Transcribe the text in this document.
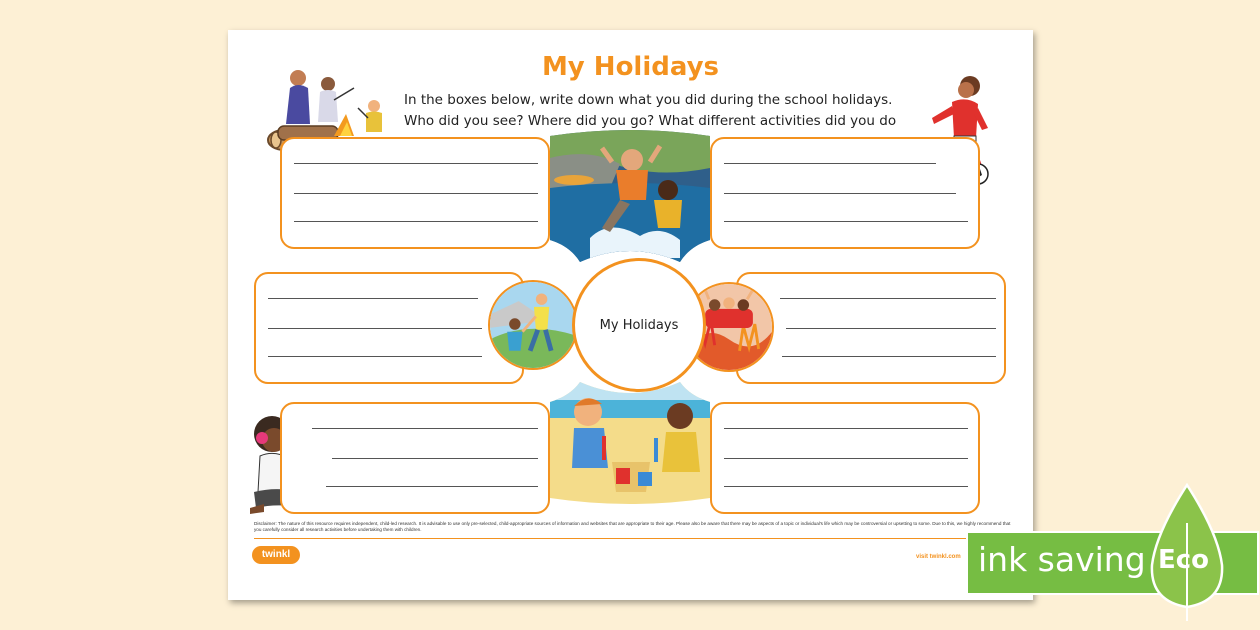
My Holidays
In the boxes below, write down what you did during the school holidays.
Who did you see? Where did you go? What different activities did you do
My Holidays
Disclaimer: The nature of this resource requires independent, child-led research. It is advisable to use only pre-selected, child-appropriate sources of information and websites that are appropriate to their age. Please also be aware that there may be aspects of a topic or individual's life which may be controversial or upsetting to some. Due to this, we highly recommend that you carefully consider all research activities before undertaking them with children.
twinkl	visit twinkl.com ink saving Eco
